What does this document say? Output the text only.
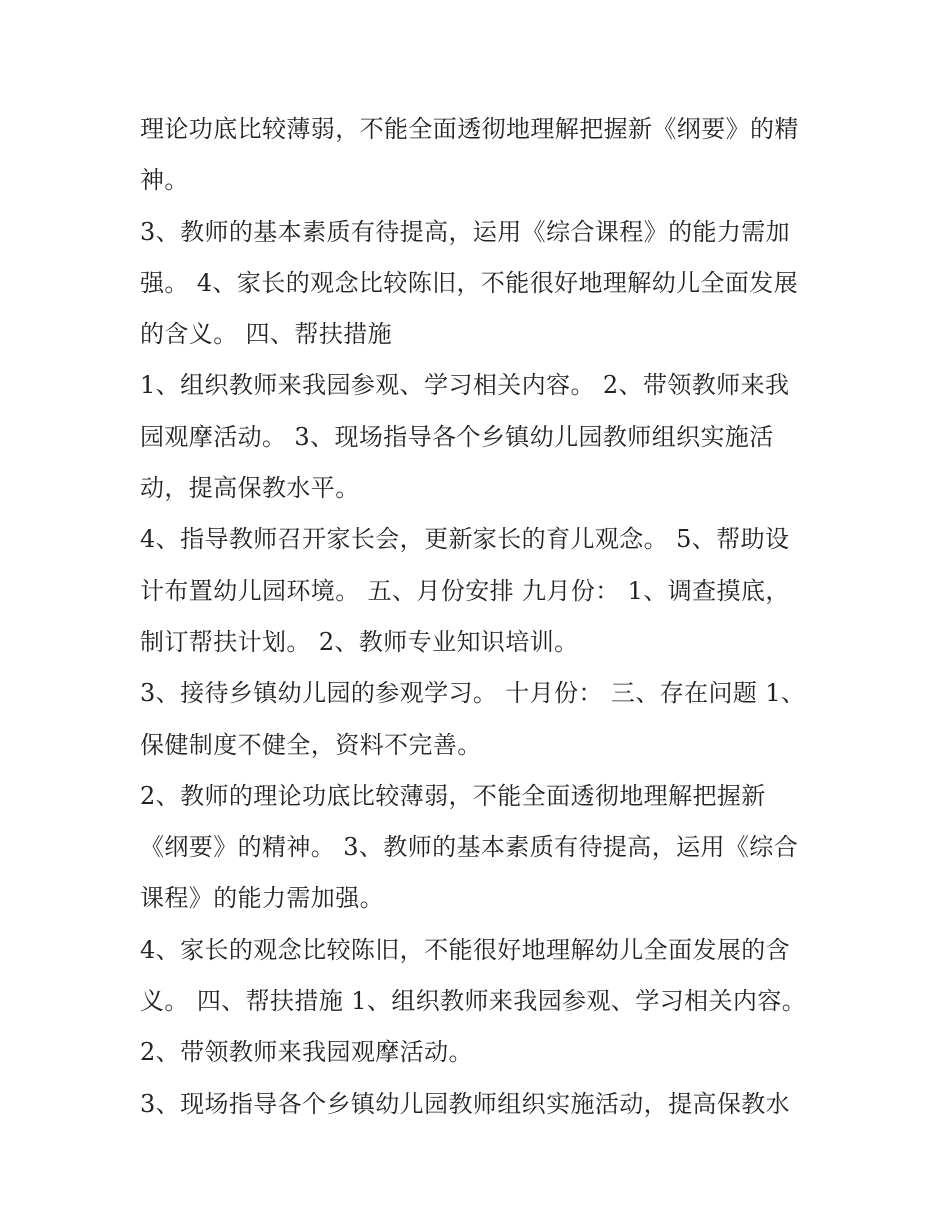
理论功底比较薄弱，不能全面透彻地理解把握新《纲要》的精
神。
3、教师的基本素质有待提高，运用《综合课程》的能力需加
强。 4、家长的观念比较陈旧，不能很好地理解幼儿全面发展
的含义。 四、帮扶措施
1、组织教师来我园参观、学习相关内容。 2、带领教师来我
园观摩活动。 3、现场指导各个乡镇幼儿园教师组织实施活
动，提高保教水平。
4、指导教师召开家长会，更新家长的育儿观念。 5、帮助设
计布置幼儿园环境。 五、月份安排 九月份： 1、调查摸底，
制订帮扶计划。 2、教师专业知识培训。
3、接待乡镇幼儿园的参观学习。 十月份： 三、存在问题 1、
保健制度不健全，资料不完善。
2、教师的理论功底比较薄弱，不能全面透彻地理解把握新
《纲要》的精神。 3、教师的基本素质有待提高，运用《综合
课程》的能力需加强。
4、家长的观念比较陈旧，不能很好地理解幼儿全面发展的含
义。 四、帮扶措施 1、组织教师来我园参观、学习相关内容。
2、带领教师来我园观摩活动。
3、现场指导各个乡镇幼儿园教师组织实施活动，提高保教水
